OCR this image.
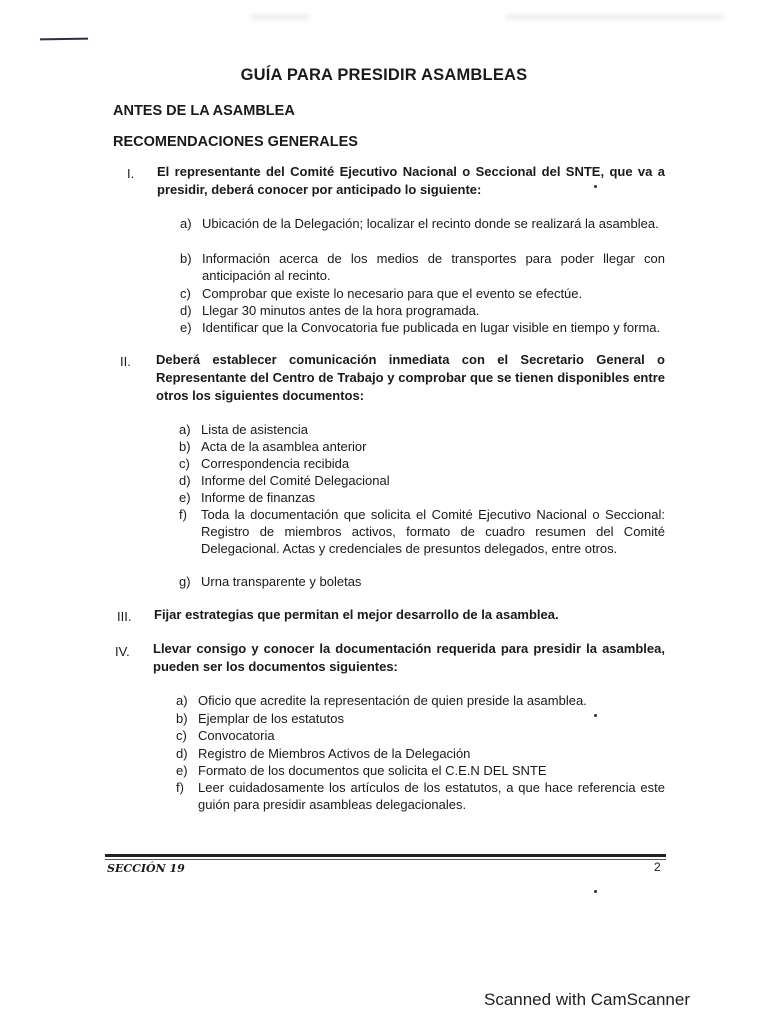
GUÍA PARA PRESIDIR ASAMBLEAS
ANTES DE LA ASAMBLEA
RECOMENDACIONES GENERALES
I. El representante del Comité Ejecutivo Nacional o Seccional del SNTE, que va a presidir, deberá conocer por anticipado lo siguiente:
a) Ubicación de la Delegación; localizar el recinto donde se realizará la asamblea.
b) Información acerca de los medios de transportes para poder llegar con anticipación al recinto.
c) Comprobar que existe lo necesario para que el evento se efectúe.
d) Llegar 30 minutos antes de la hora programada.
e) Identificar que la Convocatoria fue publicada en lugar visible en tiempo y forma.
II. Deberá establecer comunicación inmediata con el Secretario General o Representante del Centro de Trabajo y comprobar que se tienen disponibles entre otros los siguientes documentos:
a) Lista de asistencia
b) Acta de la asamblea anterior
c) Correspondencia recibida
d) Informe del Comité Delegacional
e) Informe de finanzas
f) Toda la documentación que solicita el Comité Ejecutivo Nacional o Seccional: Registro de miembros activos, formato de cuadro resumen del Comité Delegacional. Actas y credenciales de presuntos delegados, entre otros.
g) Urna transparente y boletas
III. Fijar estrategias que permitan el mejor desarrollo de la asamblea.
IV. Llevar consigo y conocer la documentación requerida para presidir la asamblea, pueden ser los documentos siguientes:
a) Oficio que acredite la representación de quien preside la asamblea.
b) Ejemplar de los estatutos
c) Convocatoria
d) Registro de Miembros Activos de la Delegación
e) Formato de los documentos que solicita el C.E.N DEL SNTE
f) Leer cuidadosamente los artículos de los estatutos, a que hace referencia este guión para presidir asambleas delegacionales.
SECCIÓN 19	2
Scanned with CamScanner
